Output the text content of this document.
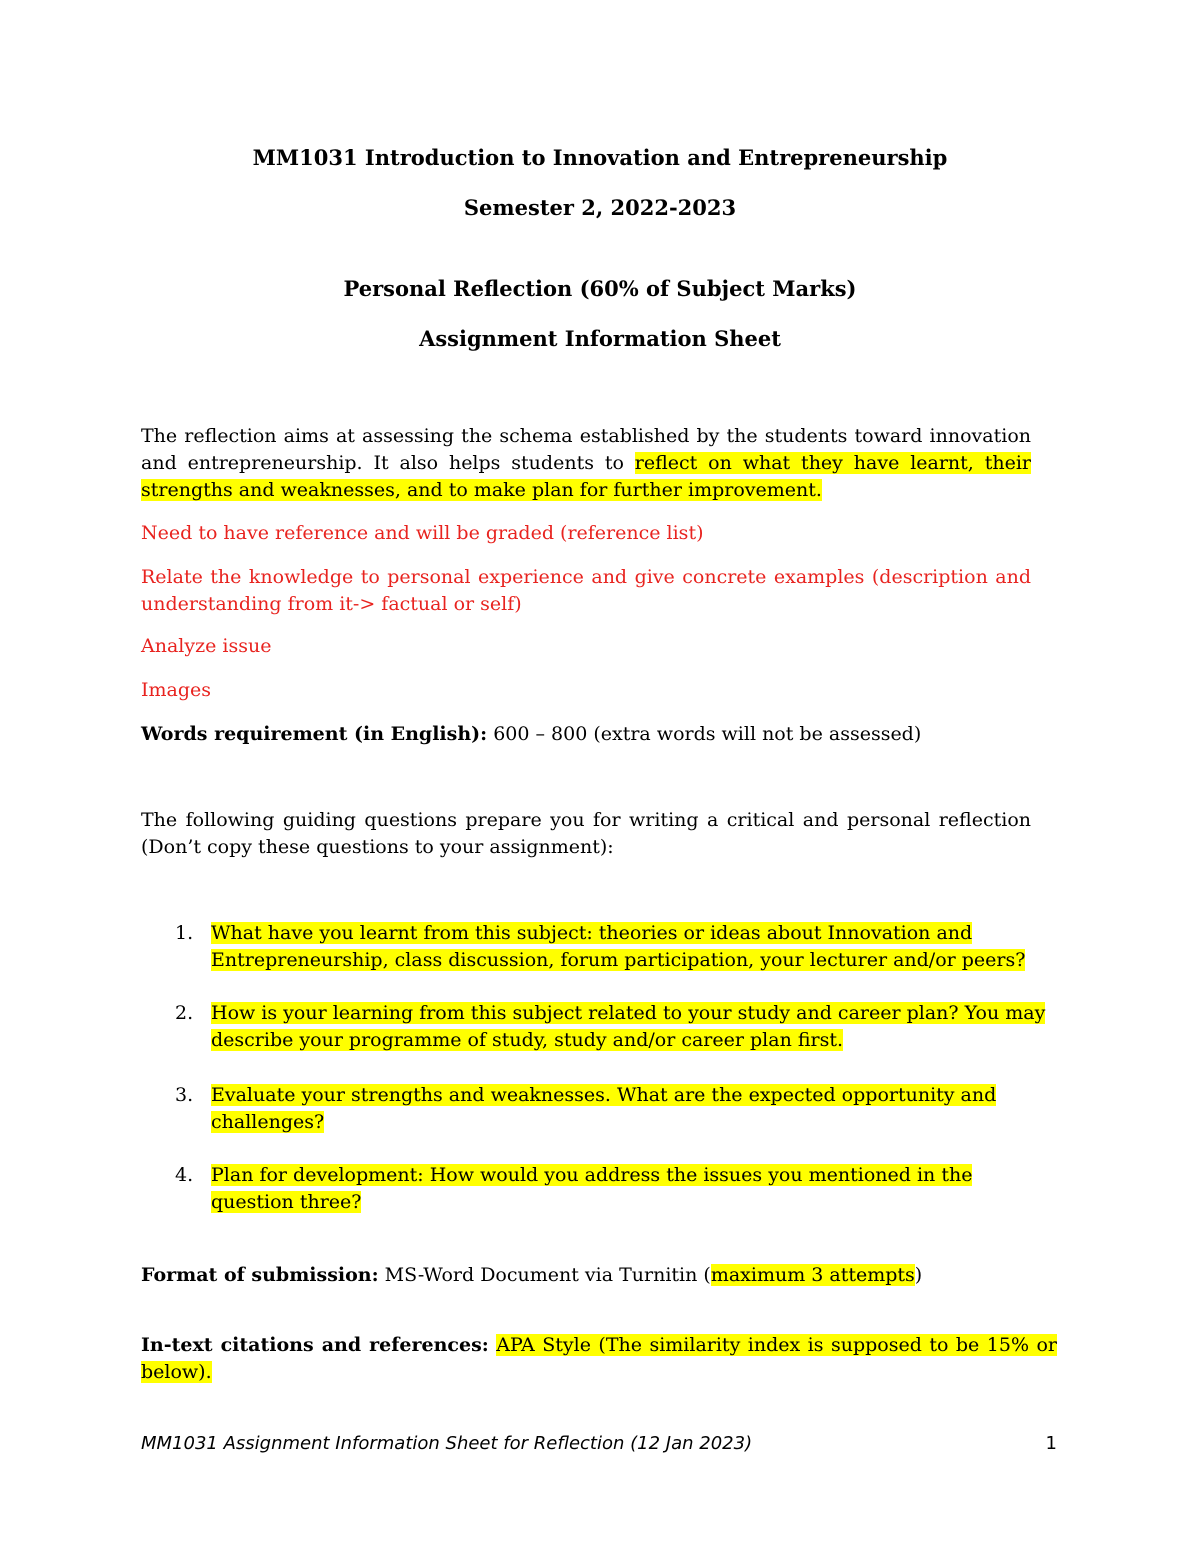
MM1031 Introduction to Innovation and Entrepreneurship
Semester 2, 2022-2023
Personal Reflection (60% of Subject Marks)
Assignment Information Sheet
The reflection aims at assessing the schema established by the students toward innovation and entrepreneurship. It also helps students to reflect on what they have learnt, their strengths and weaknesses, and to make plan for further improvement.
Need to have reference and will be graded (reference list)
Relate the knowledge to personal experience and give concrete examples (description and understanding from it-> factual or self)
Analyze issue
Images
Words requirement (in English): 600 – 800 (extra words will not be assessed)
The following guiding questions prepare you for writing a critical and personal reflection (Don’t copy these questions to your assignment):
1. What have you learnt from this subject: theories or ideas about Innovation and Entrepreneurship, class discussion, forum participation, your lecturer and/or peers?
2. How is your learning from this subject related to your study and career plan? You may describe your programme of study, study and/or career plan first.
3. Evaluate your strengths and weaknesses. What are the expected opportunity and challenges?
4. Plan for development: How would you address the issues you mentioned in the question three?
Format of submission: MS-Word Document via Turnitin (maximum 3 attempts)
In-text citations and references: APA Style (The similarity index is supposed to be 15% or below).
MM1031 Assignment Information Sheet for Reflection (12 Jan 2023)	1
